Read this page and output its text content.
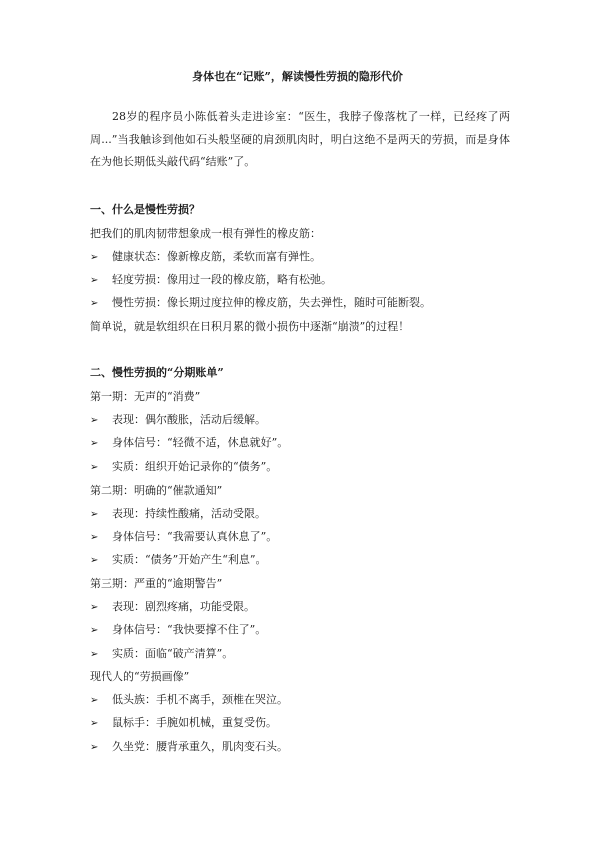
身体也在“记账”，解读慢性劳损的隐形代价

28岁的程序员小陈低着头走进诊室：“医生，我脖子像落枕了一样，已经疼了两周...”当我触诊到他如石头般坚硬的肩颈肌肉时，明白这绝不是两天的劳损，而是身体在为他长期低头敲代码“结账”了。

一、什么是慢性劳损？
把我们的肌肉韧带想象成一根有弹性的橡皮筋：
➢ 健康状态：像新橡皮筋，柔软而富有弹性。
➢ 轻度劳损：像用过一段的橡皮筋，略有松弛。
➢ 慢性劳损：像长期过度拉伸的橡皮筋，失去弹性，随时可能断裂。
简单说，就是软组织在日积月累的微小损伤中逐渐“崩溃”的过程！
二、慢性劳损的“分期账单”
第一期：无声的“消费”
➢ 表现：偶尔酸胀，活动后缓解。
➢ 身体信号：“轻微不适，休息就好”。
➢ 实质：组织开始记录你的“债务”。
第二期：明确的“催款通知”
➢ 表现：持续性酸痛，活动受限。
➢ 身体信号：“我需要认真休息了”。
➢ 实质：“债务”开始产生“利息”。
第三期：严重的“逾期警告”
➢ 表现：剧烈疼痛，功能受限。
➢ 身体信号：“我快要撑不住了”。
➢ 实质：面临“破产清算”。
现代人的“劳损画像”
➢ 低头族：手机不离手，颈椎在哭泣。
➢ 鼠标手：手腕如机械，重复受伤。
➢ 久坐党：腰背承重久，肌肉变石头。
